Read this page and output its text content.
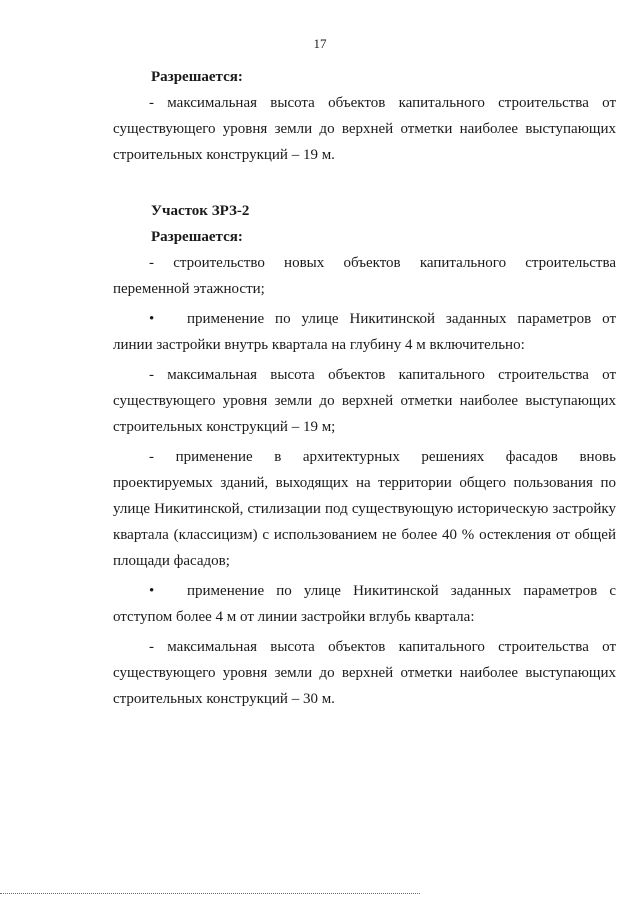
17

Разрешается:

- максимальная высота объектов капитального строительства от
существующего уровня земли до верхней отметки наиболее выступающих строительных конструкций – 19 м.

Участок ЗРЗ-2

Разрешается:

- строительство новых объектов капитального строительства
переменной этажности;
• применение по улице Никитинской заданных параметров от
линии застройки внутрь квартала на глубину 4 м включительно:
- максимальная высота объектов капитального строительства от
существующего уровня земли до верхней отметки наиболее выступающих строительных конструкций – 19 м;
- применение в архитектурных решениях фасадов вновь
проектируемых зданий, выходящих на территории общего пользования по улице Никитинской, стилизации под существующую историческую застройку квартала (классицизм) с использованием не более 40 % остекления от общей площади фасадов;
• применение по улице Никитинской заданных параметров с
отступом более 4 м от линии застройки вглубь квартала:
- максимальная высота объектов капитального строительства от
существующего уровня земли до верхней отметки наиболее выступающих строительных конструкций – 30 м.
